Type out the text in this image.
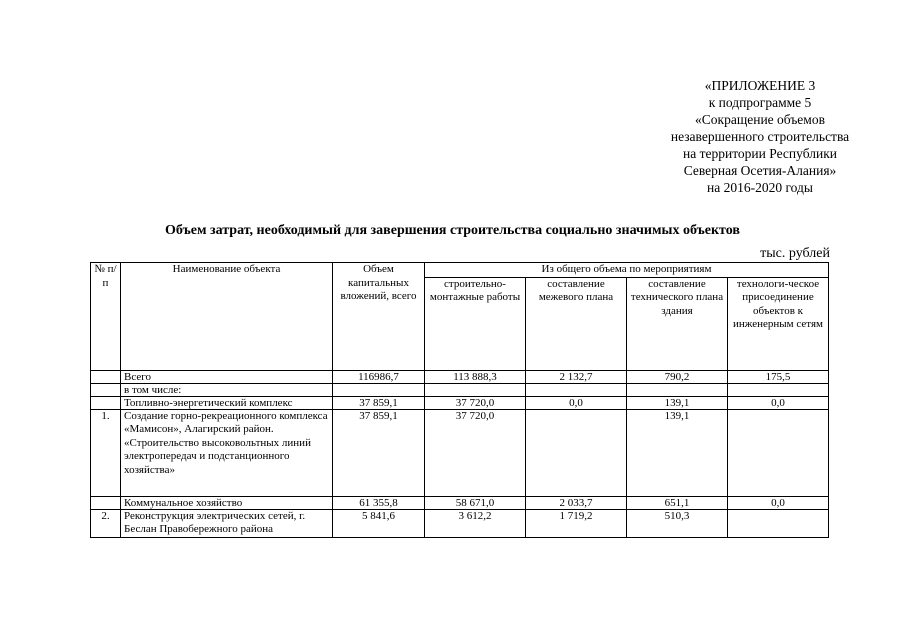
«ПРИЛОЖЕНИЕ 3
к подпрограмме 5
«Сокращение объемов
незавершенного строительства
на территории Республики
Северная Осетия-Алания»
на 2016-2020 годы
Объем затрат, необходимый для завершения строительства социально значимых объектов
тыс. рублей
№ п/п	Наименование объекта	Объем капитальных вложений, всего	Из общего объема по мероприятиям			
			строительно-монтажные работы	составление межевого плана	составление технического плана здания	технологи-ческое присоединение объектов к инженерным сетям
	Всего	116986,7	113 888,3	2 132,7	790,2	175,5
	в том числе:					
	Топливно-энергетический комплекс	37 859,1	37 720,0	0,0	139,1	0,0
1.	Создание горно-рекреационного комплекса «Мамисон», Алагирский район. «Строительство высоковольтных линий электропередач и подстанционного хозяйства»	37 859,1	37 720,0		139,1	
	Коммунальное хозяйство	61 355,8	58 671,0	2 033,7	651,1	0,0
2.	Реконструкция электрических сетей, г. Беслан Правобережного района	5 841,6	3 612,2	1 719,2	510,3	
